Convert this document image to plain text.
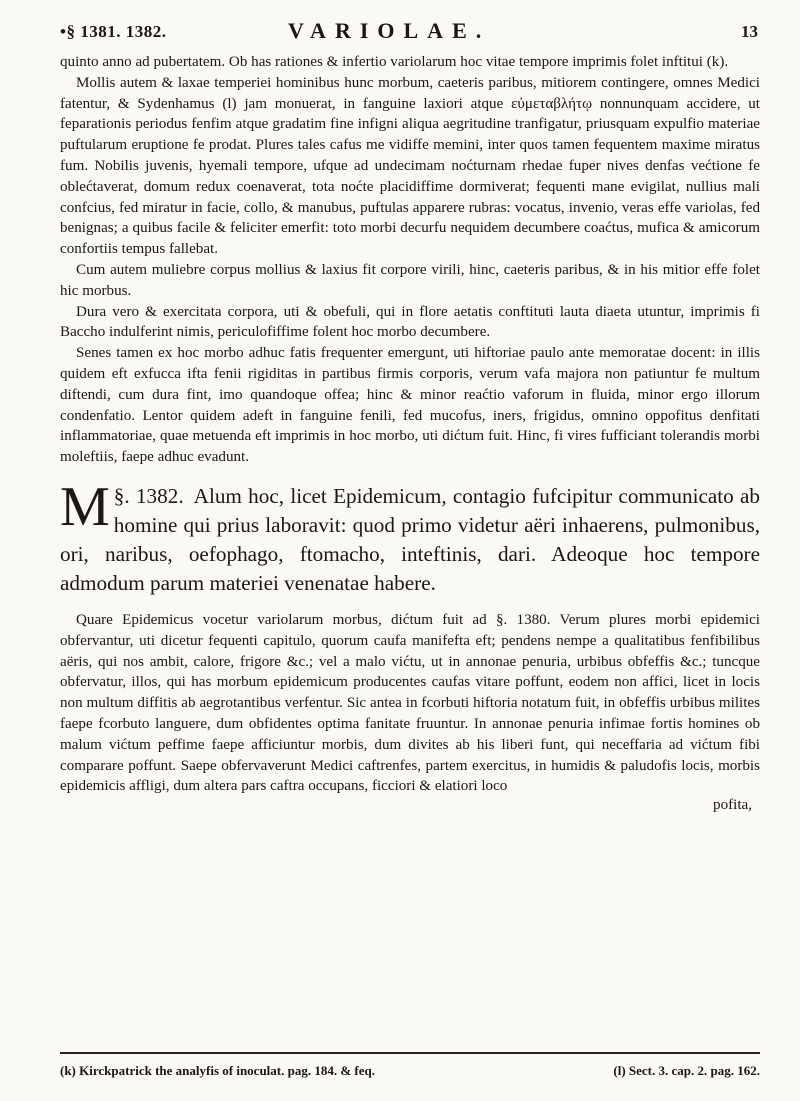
•§ 1381. 1382.	VARIOLAE.	13

quinto anno ad pubertatem. Ob has rationes & infertio variolarum hoc vitae tempore imprimis folet inftitui (k).

Mollis autem & laxae temperiei hominibus hunc morbum, caeteris paribus, mitiorem contingere, omnes Medici fatentur, & Sydenhamus (l) jam monuerat, in fanguine laxiori atque εὐμεταβλήτῳ nonnunquam accidere, ut feparationis periodus fenfim atque gradatim fine infigni aliqua aegritudine tranfigatur, priusquam expulfio materiae puftularum eruptione fe prodat. Plures tales cafus me vidiffe memini, inter quos tamen fequentem maxime miratus fum. Nobilis juvenis, hyemali tempore, ufque ad undecimam noćturnam rhedae fuper nives denfas većtione fe oblećtaverat, domum redux coenaverat, tota noćte placidiffime dormiverat; fequenti mane evigilat, nullius mali confcius, fed miratur in facie, collo, & manubus, puftulas apparere rubras: vocatus, invenio, veras effe variolas, fed benignas; a quibus facile & feliciter emerfit: toto morbi decurfu nequidem decumbere coaćtus, mufica & amicorum confortiis tempus fallebat.

Cum autem muliebre corpus mollius & laxius fit corpore virili, hinc, caeteris paribus, & in his mitior effe folet hic morbus.

Dura vero & exercitata corpora, uti & obefuli, qui in flore aetatis conftituti lauta diaeta utuntur, imprimis fi Baccho indulferint nimis, periculofiffime folent hoc morbo decumbere.

Senes tamen ex hoc morbo adhuc fatis frequenter emergunt, uti hiftoriae paulo ante memoratae docent: in illis quidem eft exfucca ifta fenii rigiditas in partibus firmis corporis, verum vafa majora non patiuntur fe multum diftendi, cum dura fint, imo quandoque offea; hinc & minor reaćtio vaforum in fluida, minor ergo illorum condenfatio. Lentor quidem adeft in fanguine fenili, fed mucofus, iners, frigidus, omnino oppofitus denfitati inflammatoriae, quae metuenda eft imprimis in hoc morbo, uti dićtum fuit. Hinc, fi vires fufficiant tolerandis morbi moleftiis, faepe adhuc evadunt.

§. 1382.
M	Alum hoc, licet Epidemicum, contagio fufcipitur communicato ab homine qui prius laboravit: quod primo videtur aëri inhaerens, pulmonibus, ori, naribus, oefophago, ftomacho, inteftinis, dari. Adeoque hoc tempore admodum parum materiei venenatae habere.

Quare Epidemicus vocetur variolarum morbus, dićtum fuit ad §. 1380. Verum plures morbi epidemici obfervantur, uti dicetur fequenti capitulo, quorum caufa manifefta eft; pendens nempe a qualitatibus fenfibilibus aëris, qui nos ambit, calore, frigore &c.; vel a malo vićtu, ut in annonae penuria, urbibus obfeffis &c.; tuncque obfervatur, illos, qui has morbum epidemicum producentes caufas vitare poffunt, eodem non affici, licet in locis non multum diffitis ab aegrotantibus verfentur. Sic antea in fcorbuti hiftoria notatum fuit, in obfeffis urbibus milites faepe fcorbuto languere, dum obfidentes optima fanitate fruuntur. In annonae penuria infimae fortis homines ob malum vićtum peffime faepe afficiuntur morbis, dum divites ab his liberi funt, qui neceffaria ad vićtum fibi comparare poffunt. Saepe obfervaverunt Medici caftrenfes, partem exercitus, in humidis & paludofis locis, morbis epidemicis affligi, dum altera pars caftra occupans, ficciori & elatiori loco

pofita,

(k) Kirckpatrick the analyfis of inoculat. pag. 184. & feq.	(l) Sect. 3. cap. 2. pag. 162.
